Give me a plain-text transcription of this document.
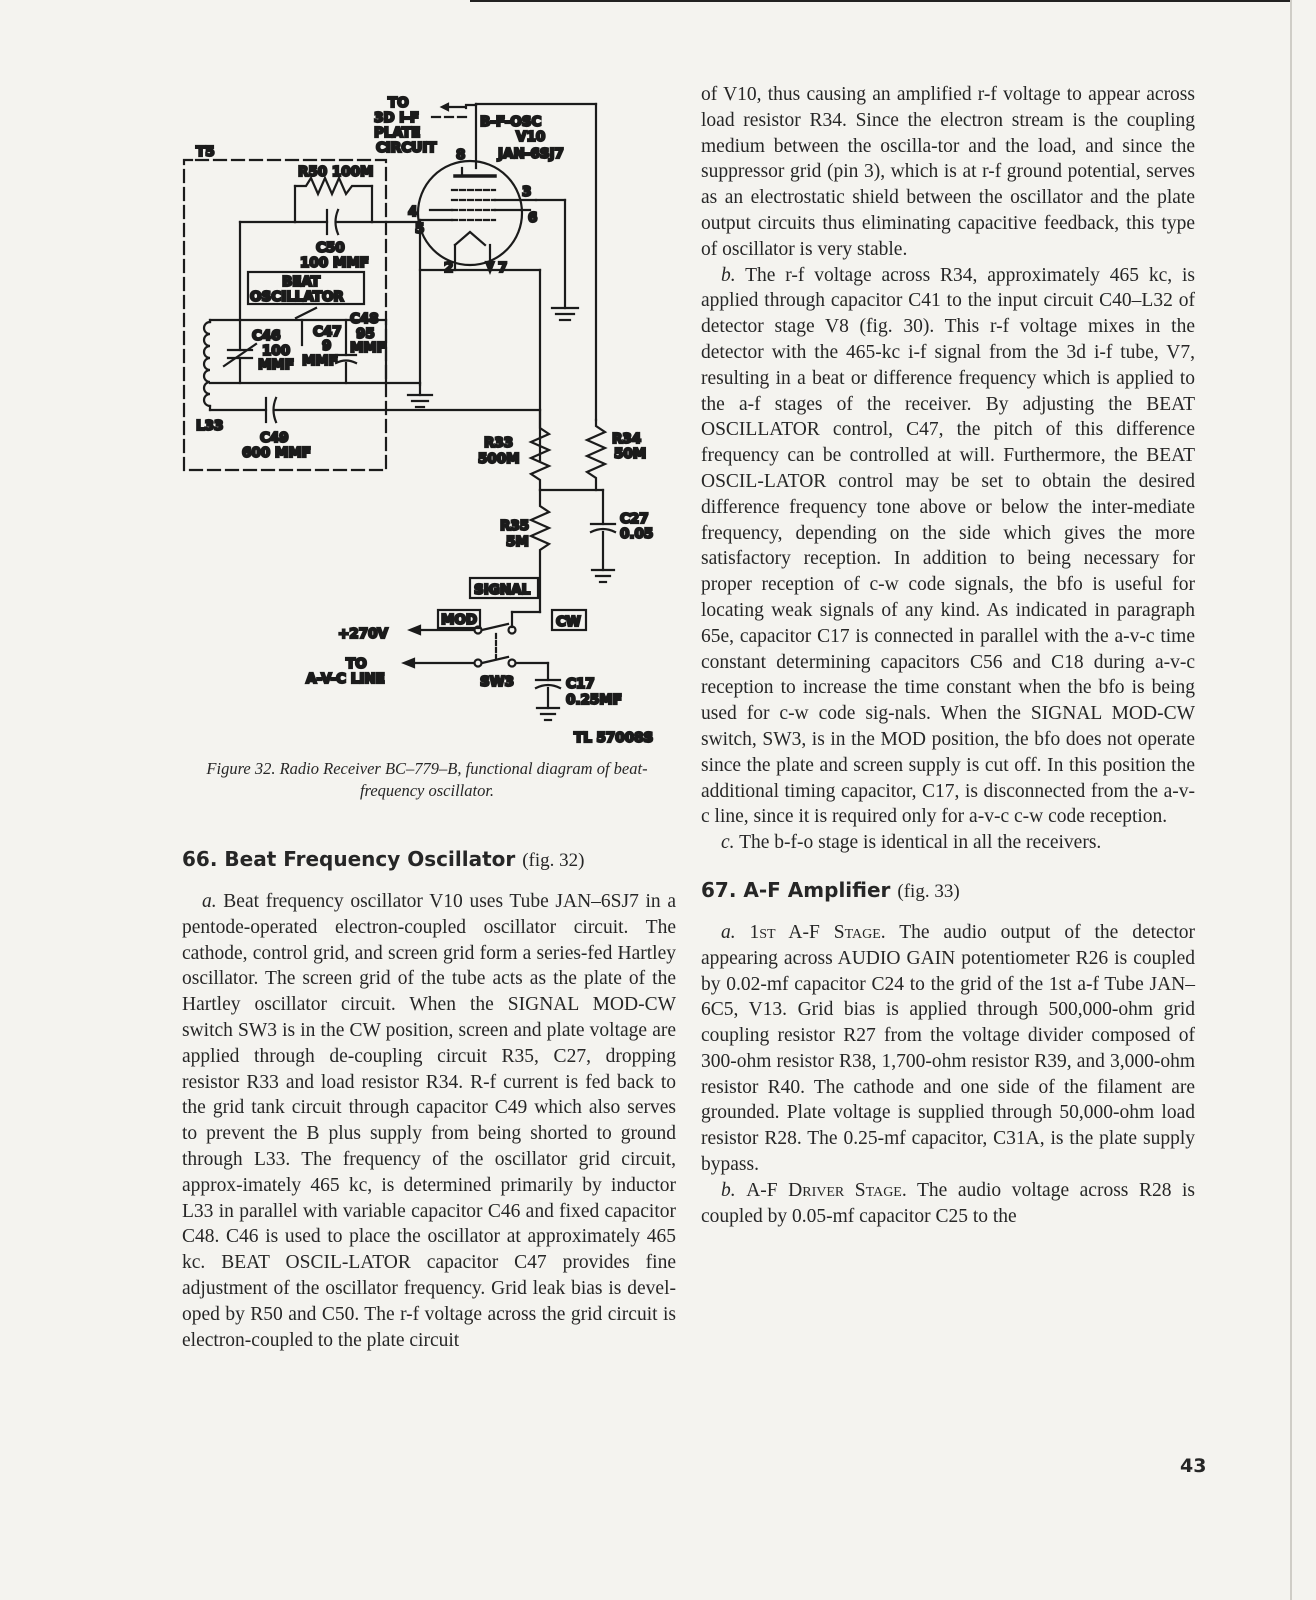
TO
3D I-F
PLATE
CIRCUIT
B-F-OSC
V10
JAN-6SJ7
8
3
4
5
6
2	7
T5
R50 100M
C50
100 MMF
BEAT
OSCILLATOR
C48
95
MMF
C46
100
MMF
C47
9
MMF
L33
C49
600 MMF
R33
500M
R34
50M
R35
5M
C27
0.05
SIGNAL
MOD	CW
+270V
TO
A-V-C LINE	SW3	C17
0.25MF
TL 57008S
Figure 32. Radio Receiver BC–779–B, functional diagram of beat-frequency oscillator.
66. Beat Frequency Oscillator (fig. 32)

a. Beat frequency oscillator V10 uses Tube JAN–6SJ7 in a pentode-operated electron-coupled oscillator circuit. The cathode, control grid, and screen grid form a series-fed Hartley oscillator. The screen grid of the tube acts as the plate of the Hartley oscillator circuit. When the SIGNAL MOD-CW switch SW3 is in the CW position, screen and plate voltage are applied through de-coupling circuit R35, C27, dropping resistor R33 and load resistor R34. R-f current is fed back to the grid tank circuit through capacitor C49 which also serves to prevent the B plus supply from being shorted to ground through L33. The frequency of the oscillator grid circuit, approx-imately 465 kc, is determined primarily by inductor L33 in parallel with variable capacitor C46 and fixed capacitor C48. C46 is used to place the oscillator at approximately 465 kc. BEAT OSCIL-LATOR capacitor C47 provides fine adjustment of the oscillator frequency. Grid leak bias is devel-oped by R50 and C50. The r-f voltage across the grid circuit is electron-coupled to the plate circuit

of V10, thus causing an amplified r-f voltage to appear across load resistor R34. Since the electron stream is the coupling medium between the oscilla-tor and the load, and since the suppressor grid (pin 3), which is at r-f ground potential, serves as an electrostatic shield between the oscillator and the plate output circuits thus eliminating capacitive feedback, this type of oscillator is very stable.

b. The r-f voltage across R34, approximately 465 kc, is applied through capacitor C41 to the input circuit C40–L32 of detector stage V8 (fig. 30). This r-f voltage mixes in the detector with the 465-kc i-f signal from the 3d i-f tube, V7, resulting in a beat or difference frequency which is applied to the a-f stages of the receiver. By adjusting the BEAT OSCILLATOR control, C47, the pitch of this difference frequency can be controlled at will. Furthermore, the BEAT OSCIL-LATOR control may be set to obtain the desired difference frequency tone above or below the inter-mediate frequency, depending on the side which gives the more satisfactory reception. In addition to being necessary for proper reception of c-w code signals, the bfo is useful for locating weak signals of any kind. As indicated in paragraph 65e, capacitor C17 is connected in parallel with the a-v-c time constant determining capacitors C56 and C18 during a-v-c reception to increase the time constant when the bfo is being used for c-w code sig-nals. When the SIGNAL MOD-CW switch, SW3, is in the MOD position, the bfo does not operate since the plate and screen supply is cut off. In this position the additional timing capacitor, C17, is disconnected from the a-v-c line, since it is required only for a-v-c c-w code reception.

c. The b-f-o stage is identical in all the receivers.

67. A-F Amplifier (fig. 33)

a. 1st A-F Stage. The audio output of the detector appearing across AUDIO GAIN potentiometer R26 is coupled by 0.02-mf capacitor C24 to the grid of the 1st a-f Tube JAN–6C5, V13. Grid bias is applied through 500,000-ohm grid coupling resistor R27 from the voltage divider composed of 300-ohm resistor R38, 1,700-ohm resistor R39, and 3,000-ohm resistor R40. The cathode and one side of the filament are grounded. Plate voltage is supplied through 50,000-ohm load resistor R28. The 0.25-mf capacitor, C31A, is the plate supply bypass.

b. A-F Driver Stage. The audio voltage across R28 is coupled by 0.05-mf capacitor C25 to the

43
